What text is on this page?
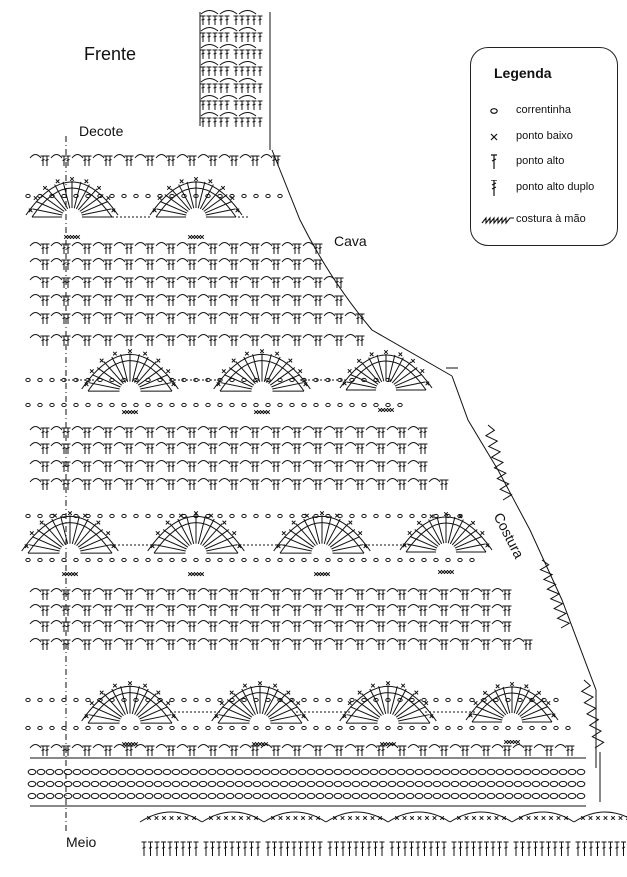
Frente
Decote
Cava
Costura
Meio
Legenda
correntinha
ponto baixo
ponto alto
ponto alto duplo
costura à mão
